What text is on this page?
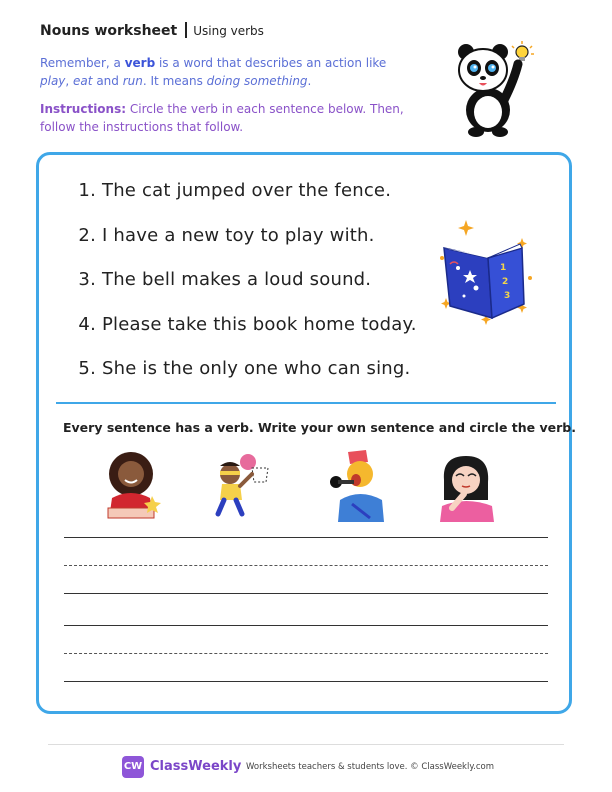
Nouns worksheet Using verbs
Remember, a verb is a word that describes an action like play, eat and run. It means doing something.
Instructions: Circle the verb in each sentence below. Then, follow the instructions that follow.
1. The cat jumped over the fence.
2. I have a new toy to play with.
3. The bell makes a loud sound.
4. Please take this book home today.
5. She is the only one who can sing.
1
2
3
Every sentence has a verb. Write your own sentence and circle the verb.
CW ClassWeekly Worksheets teachers & students love. © ClassWeekly.com
